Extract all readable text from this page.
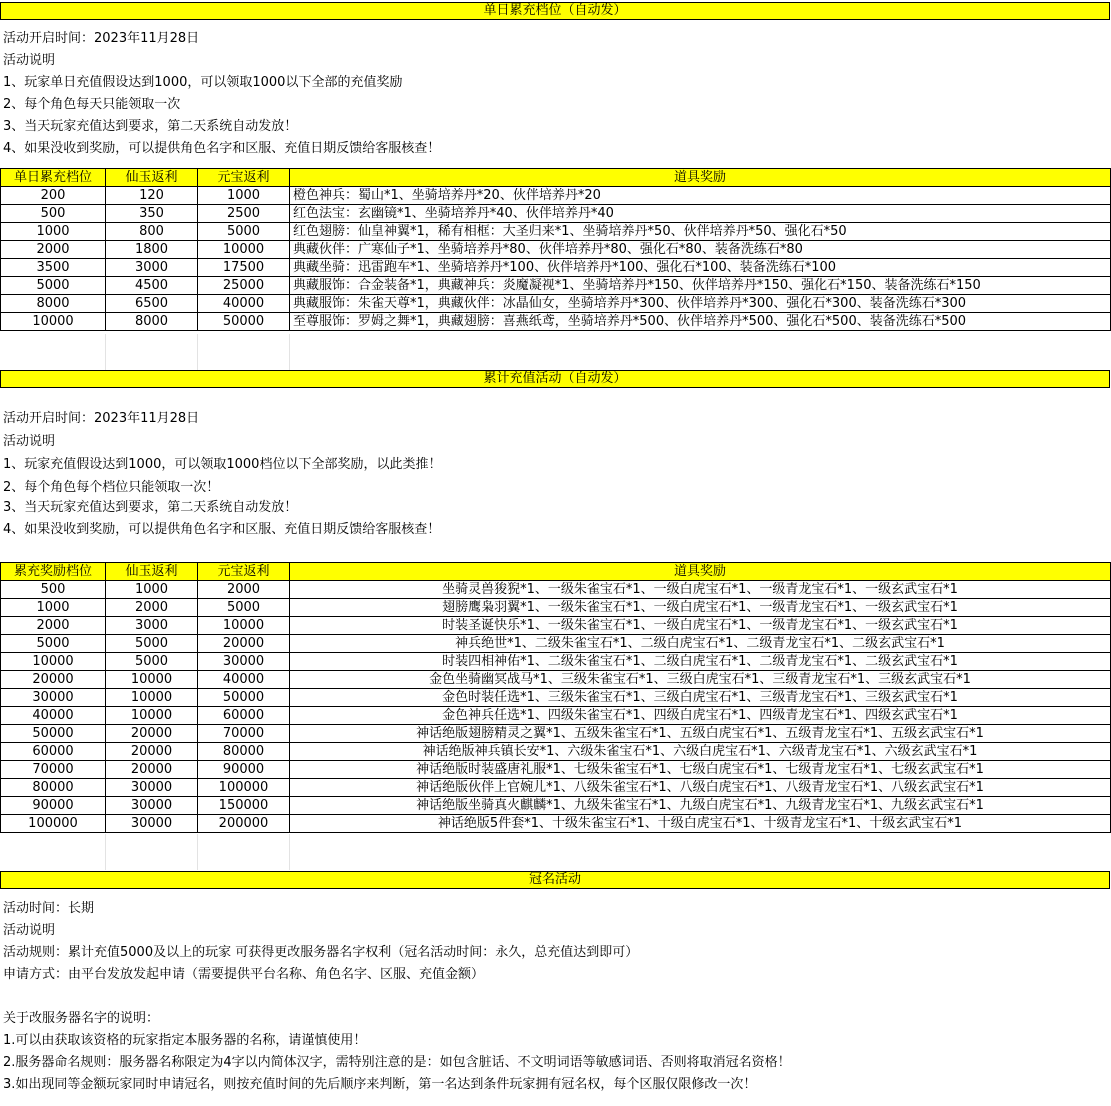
单日累充档位（自动发）
活动开启时间：2023年11月28日
活动说明
1、玩家单日充值假设达到1000，可以领取1000以下全部的充值奖励
2、每个角色每天只能领取一次
3、当天玩家充值达到要求，第二天系统自动发放！
4、如果没收到奖励，可以提供角色名字和区服、充值日期反馈给客服核查！
单日累充档位	仙玉返利	元宝返利	道具奖励
200	120	1000	橙色神兵：蜀山*1、坐骑培养丹*20、伙伴培养丹*20
500	350	2500	红色法宝：玄幽镜*1、坐骑培养丹*40、伙伴培养丹*40
1000	800	5000	红色翅膀：仙皇神翼*1，稀有相框：大圣归来*1、坐骑培养丹*50、伙伴培养丹*50、强化石*50
2000	1800	10000	典藏伙伴：广寒仙子*1、坐骑培养丹*80、伙伴培养丹*80、强化石*80、装备洗练石*80
3500	3000	17500	典藏坐骑：迅雷跑车*1、坐骑培养丹*100、伙伴培养丹*100、强化石*100、装备洗练石*100
5000	4500	25000	典藏服饰：合金装备*1，典藏神兵：炎魔凝视*1、坐骑培养丹*150、伙伴培养丹*150、强化石*150、装备洗练石*150
8000	6500	40000	典藏服饰：朱雀天尊*1，典藏伙伴：冰晶仙女，坐骑培养丹*300、伙伴培养丹*300、强化石*300、装备洗练石*300
10000	8000	50000	至尊服饰：罗姆之舞*1，典藏翅膀：喜燕纸鸢，坐骑培养丹*500、伙伴培养丹*500、强化石*500、装备洗练石*500
累计充值活动（自动发）
活动开启时间：2023年11月28日
活动说明
1、玩家充值假设达到1000，可以领取1000档位以下全部奖励，以此类推！
2、每个角色每个档位只能领取一次！
3、当天玩家充值达到要求，第二天系统自动发放！
4、如果没收到奖励，可以提供角色名字和区服、充值日期反馈给客服核查！
累充奖励档位	仙玉返利	元宝返利	道具奖励
500	1000	2000	坐骑灵兽狻猊*1、一级朱雀宝石*1、一级白虎宝石*1、一级青龙宝石*1、一级玄武宝石*1
1000	2000	5000	翅膀鹰枭羽翼*1、一级朱雀宝石*1、一级白虎宝石*1、一级青龙宝石*1、一级玄武宝石*1
2000	3000	10000	时装圣诞快乐*1、一级朱雀宝石*1、一级白虎宝石*1、一级青龙宝石*1、一级玄武宝石*1
5000	5000	20000	神兵绝世*1、二级朱雀宝石*1、二级白虎宝石*1、二级青龙宝石*1、二级玄武宝石*1
10000	5000	30000	时装四相神佑*1、二级朱雀宝石*1、二级白虎宝石*1、二级青龙宝石*1、二级玄武宝石*1
20000	10000	40000	金色坐骑幽冥战马*1、三级朱雀宝石*1、三级白虎宝石*1、三级青龙宝石*1、三级玄武宝石*1
30000	10000	50000	金色时装任选*1、三级朱雀宝石*1、三级白虎宝石*1、三级青龙宝石*1、三级玄武宝石*1
40000	10000	60000	金色神兵任选*1、四级朱雀宝石*1、四级白虎宝石*1、四级青龙宝石*1、四级玄武宝石*1
50000	20000	70000	神话绝版翅膀精灵之翼*1、五级朱雀宝石*1、五级白虎宝石*1、五级青龙宝石*1、五级玄武宝石*1
60000	20000	80000	神话绝版神兵镇长安*1、六级朱雀宝石*1、六级白虎宝石*1、六级青龙宝石*1、六级玄武宝石*1
70000	20000	90000	神话绝版时装盛唐礼服*1、七级朱雀宝石*1、七级白虎宝石*1、七级青龙宝石*1、七级玄武宝石*1
80000	30000	100000	神话绝版伙伴上官婉儿*1、八级朱雀宝石*1、八级白虎宝石*1、八级青龙宝石*1、八级玄武宝石*1
90000	30000	150000	神话绝版坐骑真火麒麟*1、九级朱雀宝石*1、九级白虎宝石*1、九级青龙宝石*1、九级玄武宝石*1
100000	30000	200000	神话绝版5件套*1、十级朱雀宝石*1、十级白虎宝石*1、十级青龙宝石*1、十级玄武宝石*1
冠名活动
活动时间：长期
活动说明
活动规则：累计充值5000及以上的玩家 可获得更改服务器名字权利（冠名活动时间：永久，总充值达到即可）
申请方式：由平台发放发起申请（需要提供平台名称、角色名字、区服、充值金额）
关于改服务器名字的说明：
1.可以由获取该资格的玩家指定本服务器的名称，请谨慎使用！
2.服务器命名规则：服务器名称限定为4字以内简体汉字，需特别注意的是：如包含脏话、不文明词语等敏感词语、否则将取消冠名资格！
3.如出现同等金额玩家同时申请冠名，则按充值时间的先后顺序来判断，第一名达到条件玩家拥有冠名权，每个区服仅限修改一次！
